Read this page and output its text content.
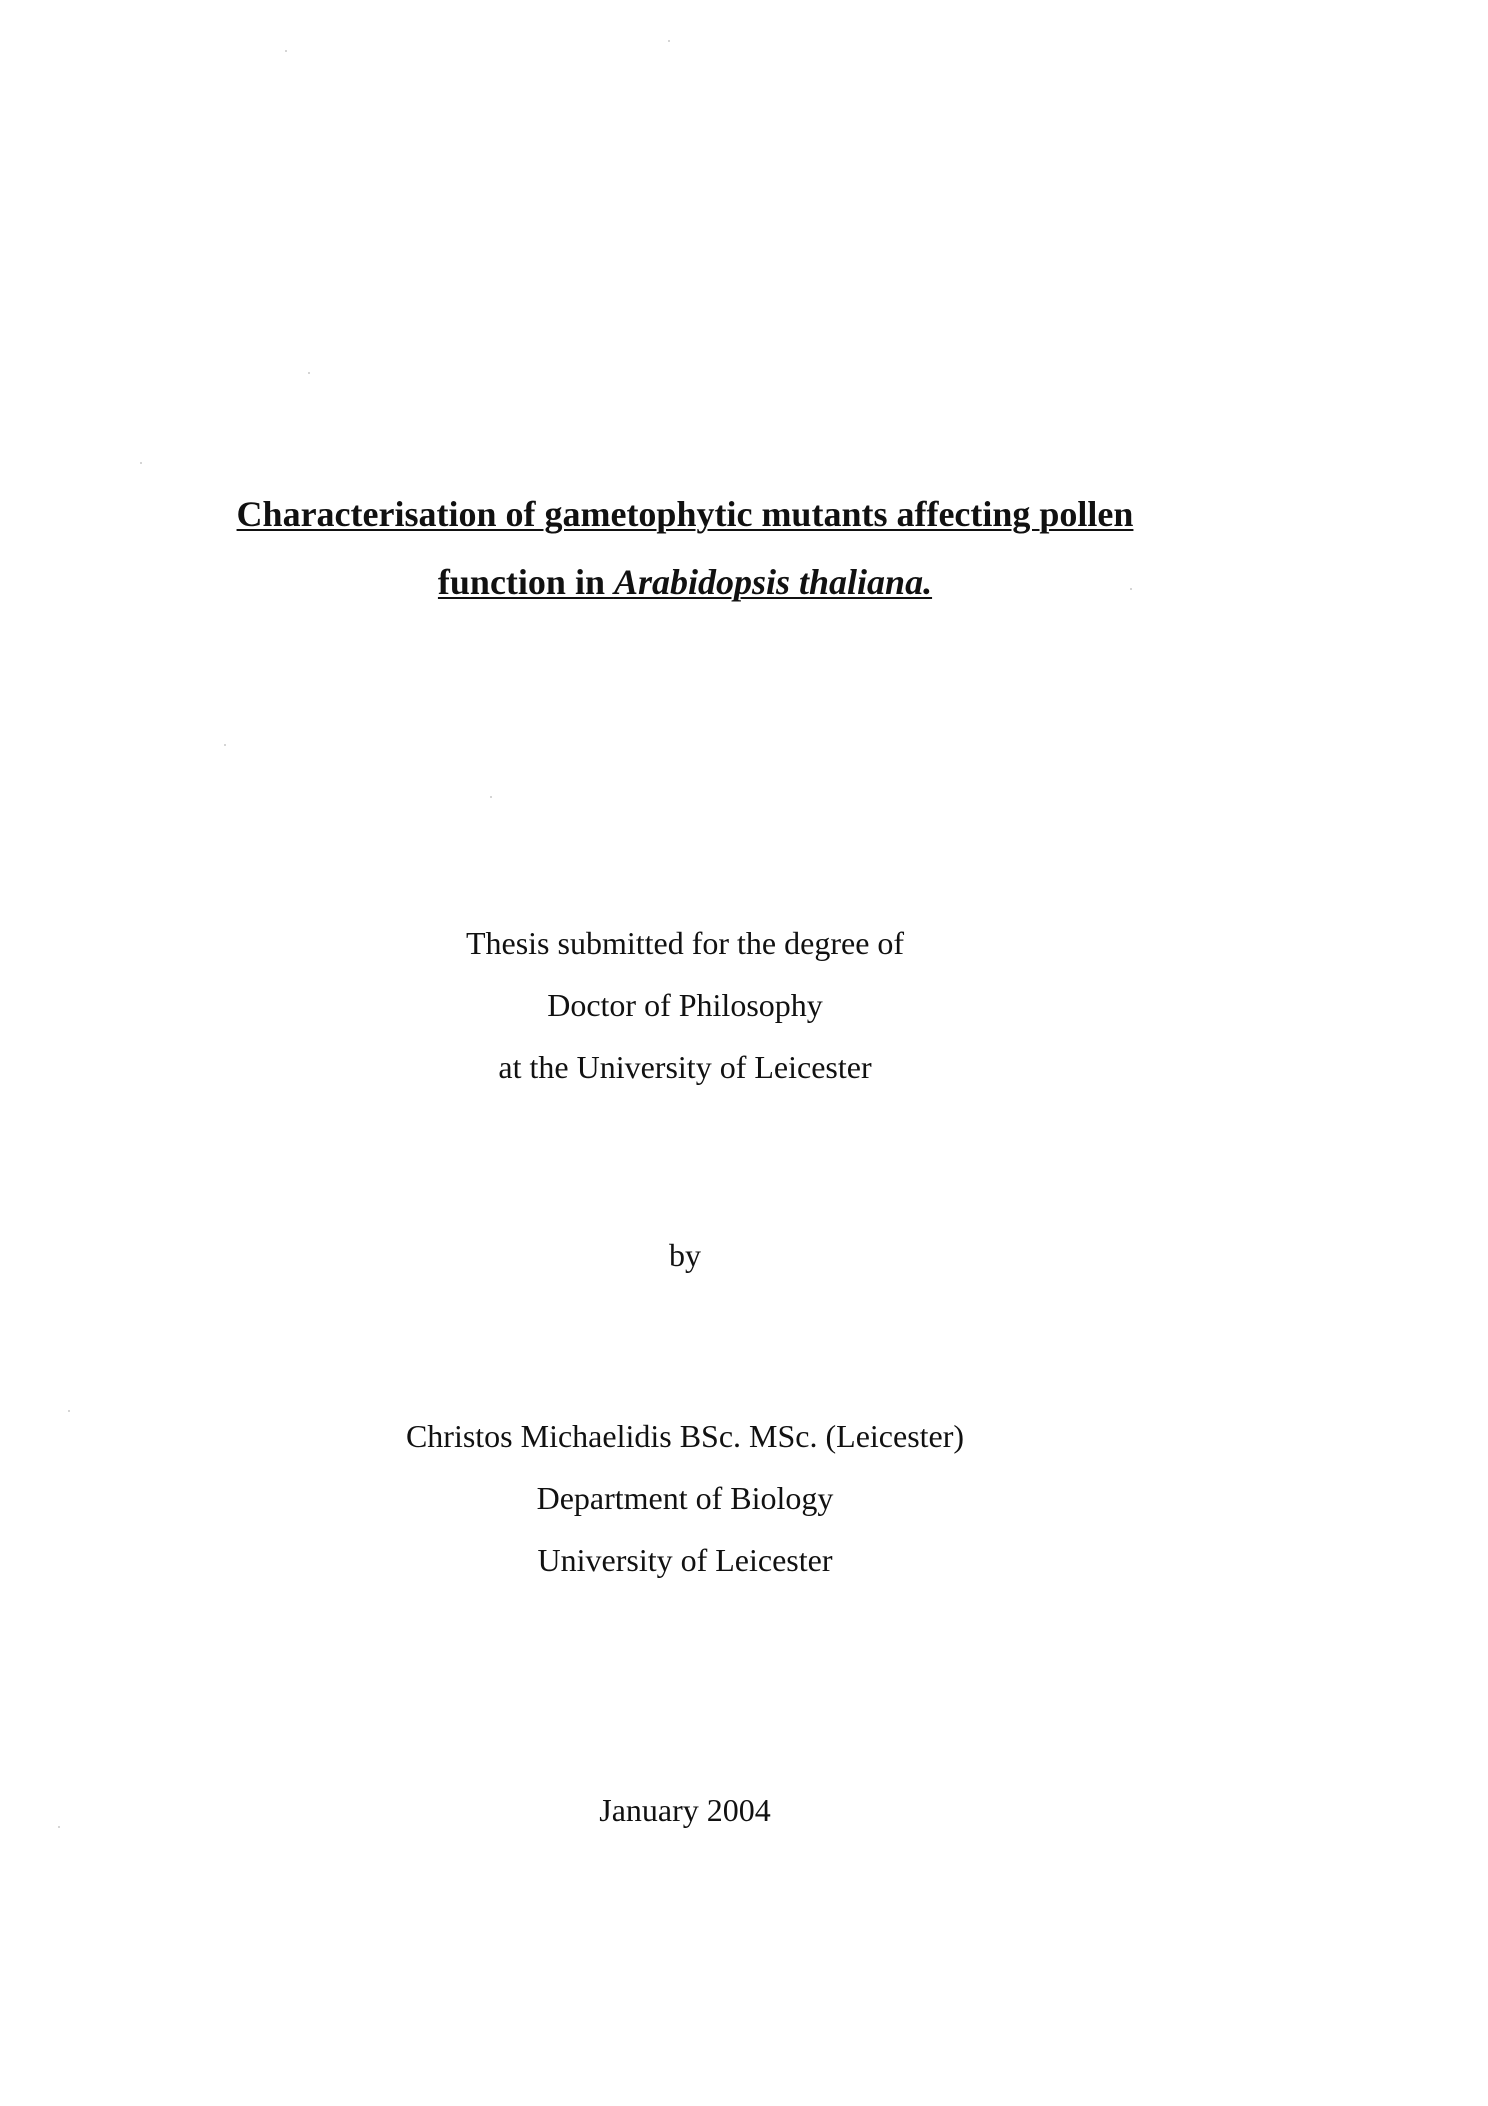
Characterisation of gametophytic mutants affecting pollen
function in Arabidopsis thaliana.
Thesis submitted for the degree of
Doctor of Philosophy
at the University of Leicester
by
Christos Michaelidis BSc. MSc. (Leicester)
Department of Biology
University of Leicester
January 2004
